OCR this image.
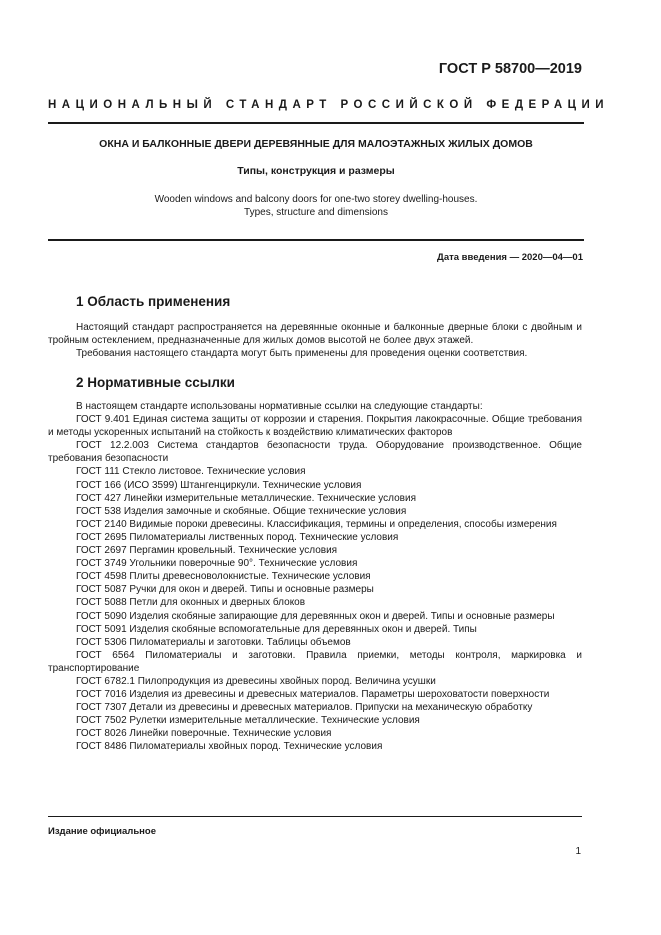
ГОСТ Р 58700—2019
НАЦИОНАЛЬНЫЙ СТАНДАРТ РОССИЙСКОЙ ФЕДЕРАЦИИ
ОКНА И БАЛКОННЫЕ ДВЕРИ ДЕРЕВЯННЫЕ ДЛЯ МАЛОЭТАЖНЫХ ЖИЛЫХ ДОМОВ
Типы, конструкция и размеры
Wooden windows and balcony doors for one-two storey dwelling-houses.
Types, structure and dimensions
Дата введения — 2020—04—01
1 Область применения

Настоящий стандарт распространяется на деревянные оконные и балконные дверные блоки с двойным и тройным остеклением, предназначенные для жилых домов высотой не более двух этажей.

Требования настоящего стандарта могут быть применены для проведения оценки соответствия.

2 Нормативные ссылки

В настоящем стандарте использованы нормативные ссылки на следующие стандарты:

ГОСТ 9.401 Единая система защиты от коррозии и старения. Покрытия лакокрасочные. Общие требования и методы ускоренных испытаний на стойкость к воздействию климатических факторов

ГОСТ 12.2.003 Система стандартов безопасности труда. Оборудование производственное. Общие требования безопасности

ГОСТ 111 Стекло листовое. Технические условия

ГОСТ 166 (ИСО 3599) Штангенциркули. Технические условия

ГОСТ 427 Линейки измерительные металлические. Технические условия

ГОСТ 538 Изделия замочные и скобяные. Общие технические условия

ГОСТ 2140 Видимые пороки древесины. Классификация, термины и определения, способы измерения

ГОСТ 2695 Пиломатериалы лиственных пород. Технические условия

ГОСТ 2697 Пергамин кровельный. Технические условия

ГОСТ 3749 Угольники поверочные 90°. Технические условия

ГОСТ 4598 Плиты древесноволокнистые. Технические условия

ГОСТ 5087 Ручки для окон и дверей. Типы и основные размеры

ГОСТ 5088 Петли для оконных и дверных блоков

ГОСТ 5090 Изделия скобяные запирающие для деревянных окон и дверей. Типы и основные размеры

ГОСТ 5091 Изделия скобяные вспомогательные для деревянных окон и дверей. Типы

ГОСТ 5306 Пиломатериалы и заготовки. Таблицы объемов

ГОСТ 6564 Пиломатериалы и заготовки. Правила приемки, методы контроля, маркировка и транспортирование

ГОСТ 6782.1 Пилопродукция из древесины хвойных пород. Величина усушки

ГОСТ 7016 Изделия из древесины и древесных материалов. Параметры шероховатости поверхности

ГОСТ 7307 Детали из древесины и древесных материалов. Припуски на механическую обработку

ГОСТ 7502 Рулетки измерительные металлические. Технические условия

ГОСТ 8026 Линейки поверочные. Технические условия

ГОСТ 8486 Пиломатериалы хвойных пород. Технические условия

Издание официальное
1
